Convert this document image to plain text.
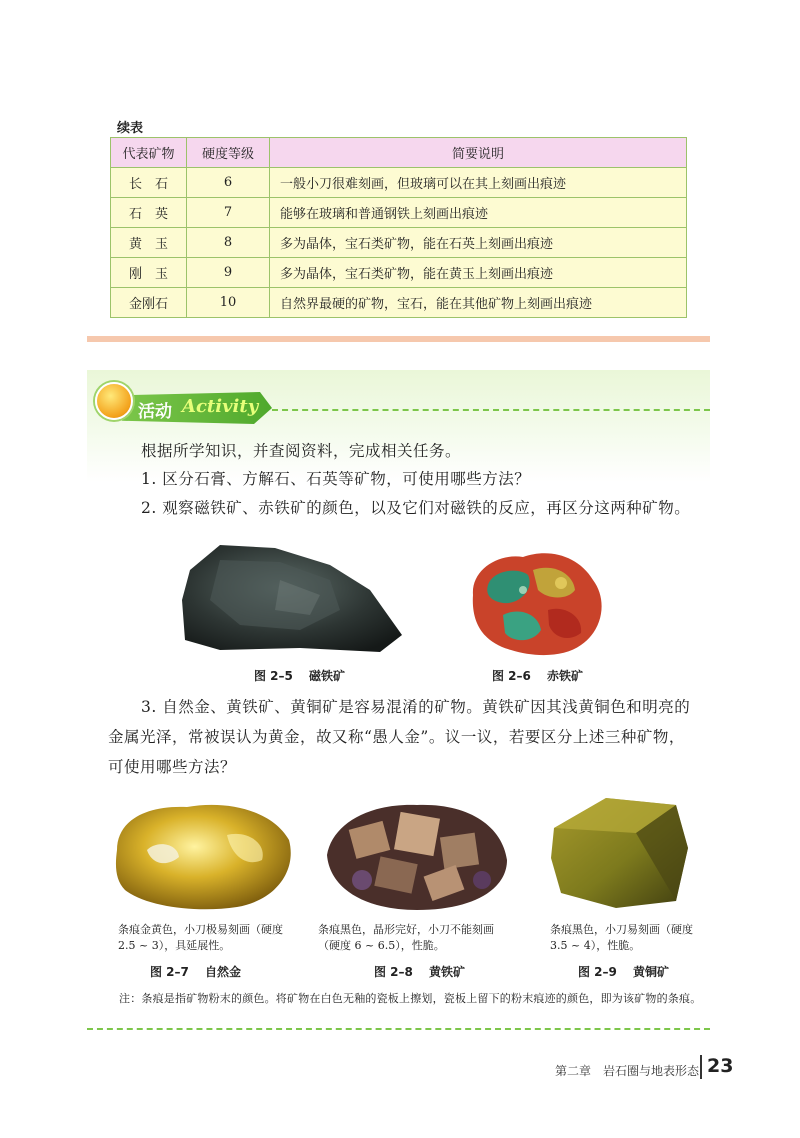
续表
代表矿物	硬度等级	简要说明
长　石	6	一般小刀很难刻画，但玻璃可以在其上刻画出痕迹
石　英	7	能够在玻璃和普通钢铁上刻画出痕迹
黄　玉	8	多为晶体，宝石类矿物，能在石英上刻画出痕迹
刚　玉	9	多为晶体，宝石类矿物，能在黄玉上刻画出痕迹
金刚石	10	自然界最硬的矿物，宝石，能在其他矿物上刻画出痕迹
活动 Activity
根据所学知识，并查阅资料，完成相关任务。
1. 区分石膏、方解石、石英等矿物，可使用哪些方法？
2. 观察磁铁矿、赤铁矿的颜色，以及它们对磁铁的反应，再区分这两种矿物。
图 2–5　 磁铁矿	图 2–6　 赤铁矿
3. 自然金、黄铁矿、黄铜矿是容易混淆的矿物。黄铁矿因其浅黄铜色和明亮的金属光泽，常被误认为黄金，故又称“愚人金”。议一议，若要区分上述三种矿物，可使用哪些方法？
条痕金黄色，小刀极易刻画（硬度 2.5 ~ 3），具延展性。
条痕黑色，晶形完好，小刀不能刻画（硬度 6 ~ 6.5），性脆。
条痕黑色，小刀易刻画（硬度 3.5 ~ 4），性脆。
图 2–7　 自然金	图 2–8　 黄铁矿	图 2–9　 黄铜矿
注：条痕是指矿物粉末的颜色。将矿物在白色无釉的瓷板上擦划，瓷板上留下的粉末痕迹的颜色，即为该矿物的条痕。
第二章　岩石圈与地表形态 23
